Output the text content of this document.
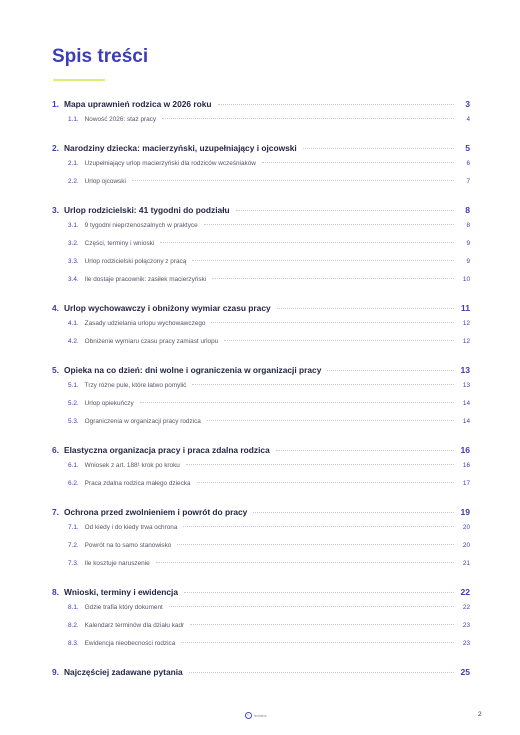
Spis treści
1. Mapa uprawnień rodzica w 2026 roku	3
1.1. Nowość 2026: staż pracy	4
2. Narodziny dziecka: macierzyński, uzupełniający i ojcowski	5
2.1. Uzupełniający urlop macierzyński dla rodziców wcześniaków	6
2.2. Urlop ojcowski	7
3. Urlop rodzicielski: 41 tygodni do podziału	8
3.1. 9 tygodni nieprzenoszalnych w praktyce	8
3.2. Części, terminy i wnioski	9
3.3. Urlop rodzicielski połączony z pracą	9
3.4. Ile dostaje pracownik: zasiłek macierzyński	10
4. Urlop wychowawczy i obniżony wymiar czasu pracy	11
4.1. Zasady udzielania urlopu wychowawczego	12
4.2. Obniżenie wymiaru czasu pracy zamiast urlopu	12
5. Opieka na co dzień: dni wolne i ograniczenia w organizacji pracy	13
5.1. Trzy różne pule, które łatwo pomylić	13
5.2. Urlop opiekuńczy	14
5.3. Ograniczenia w organizacji pracy rodzica	14
6. Elastyczna organizacja pracy i praca zdalna rodzica	16
6.1. Wniosek z art. 188¹ krok po kroku	16
6.2. Praca zdalna rodzica małego dziecka	17
7. Ochrona przed zwolnieniem i powrót do pracy	19
7.1. Od kiedy i do kiedy trwa ochrona	20
7.2. Powrót na to samo stanowisko	20
7.3. Ile kosztuje naruszenie	21
8. Wnioski, terminy i ewidencja	22
8.1. Gdzie trafia który dokument	22
8.2. Kalendarz terminów dla działu kadr	23
8.3. Ewidencja nieobecności rodzica	23
9. Najczęściej zadawane pytania	25
lexlabs	2
